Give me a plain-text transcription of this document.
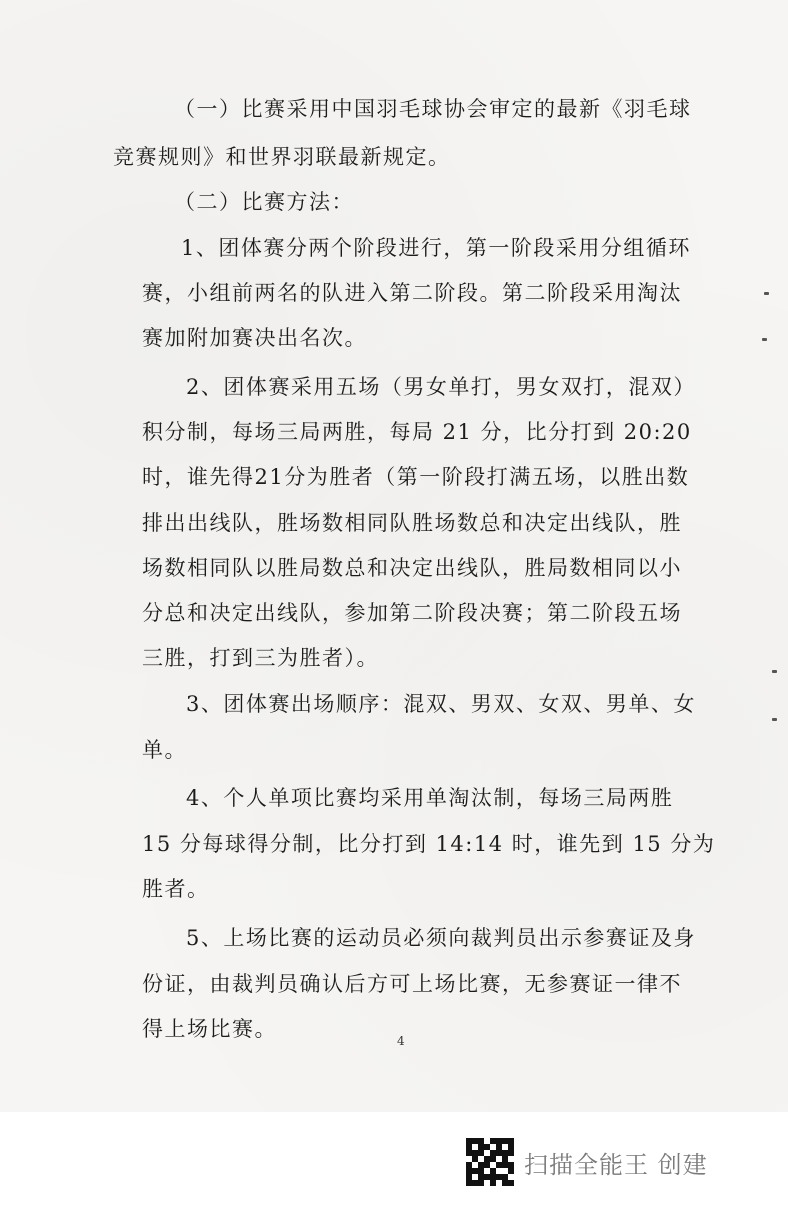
（一）比赛采用中国羽毛球协会审定的最新《羽毛球
竞赛规则》和世界羽联最新规定。
（二）比赛方法：
1、团体赛分两个阶段进行，第一阶段采用分组循环
赛，小组前两名的队进入第二阶段。第二阶段采用淘汰
赛加附加赛决出名次。
2、团体赛采用五场（男女单打，男女双打，混双）
积分制，每场三局两胜，每局 21 分，比分打到 20:20
时，谁先得21分为胜者（第一阶段打满五场，以胜出数
排出出线队，胜场数相同队胜场数总和决定出线队，胜
场数相同队以胜局数总和决定出线队，胜局数相同以小
分总和决定出线队，参加第二阶段决赛；第二阶段五场
三胜，打到三为胜者）。
3、团体赛出场顺序：混双、男双、女双、男单、女
单。
4、个人单项比赛均采用单淘汰制，每场三局两胜
15 分每球得分制，比分打到 14:14 时，谁先到 15 分为
胜者。
5、上场比赛的运动员必须向裁判员出示参赛证及身
份证，由裁判员确认后方可上场比赛，无参赛证一律不
得上场比赛。	4
扫描全能王 创建
